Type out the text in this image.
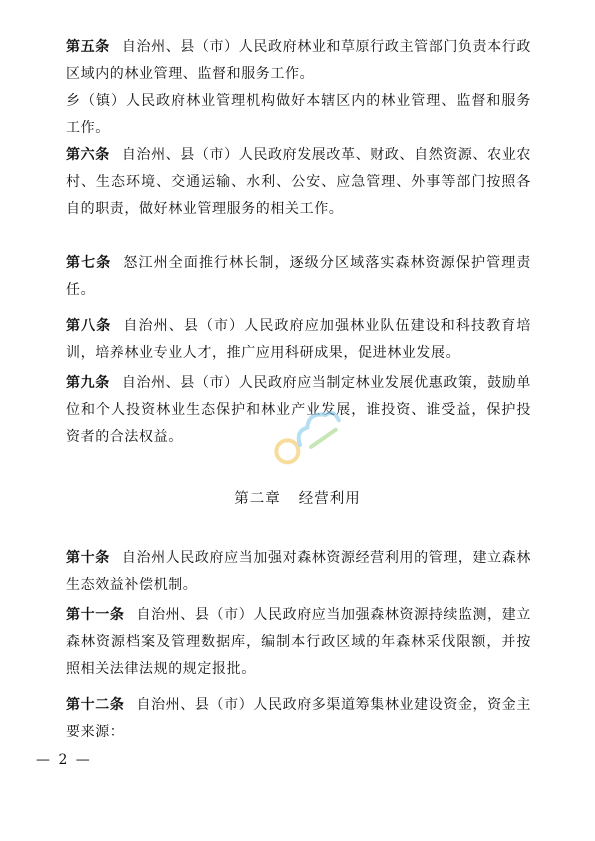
第五条 自治州、县（市）人民政府林业和草原行政主管部门负责本行政区域内的林业管理、监督和服务工作。

乡（镇）人民政府林业管理机构做好本辖区内的林业管理、监督和服务工作。

第六条 自治州、县（市）人民政府发展改革、财政、自然资源、农业农村、生态环境、交通运输、水利、公安、应急管理、外事等部门按照各自的职责，做好林业管理服务的相关工作。

第七条 怒江州全面推行林长制，逐级分区域落实森林资源保护管理责任。

第八条 自治州、县（市）人民政府应加强林业队伍建设和科技教育培训，培养林业专业人才，推广应用科研成果，促进林业发展。

第九条 自治州、县（市）人民政府应当制定林业发展优惠政策，鼓励单位和个人投资林业生态保护和林业产业发展，谁投资、谁受益，保护投资者的合法权益。

第二章 经营利用

第十条 自治州人民政府应当加强对森林资源经营利用的管理，建立森林生态效益补偿机制。

第十一条 自治州、县（市）人民政府应当加强森林资源持续监测，建立森林资源档案及管理数据库，编制本行政区域的年森林采伐限额，并按照相关法律法规的规定报批。

第十二条 自治州、县（市）人民政府多渠道筹集林业建设资金，资金主要来源：

— 2 —
